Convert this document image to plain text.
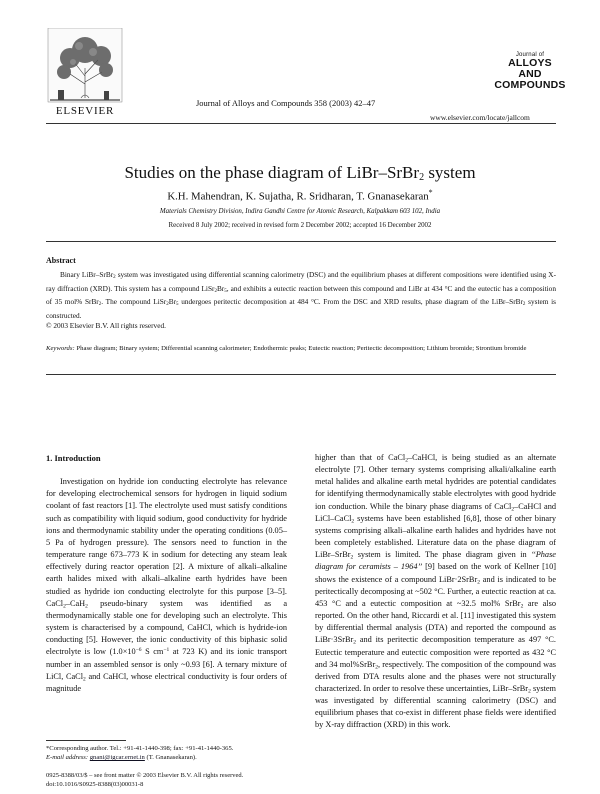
ELSEVIER
Journal of Alloys and Compounds 358 (2003) 42–47
Journal of
ALLOYS
AND COMPOUNDS
www.elsevier.com/locate/jallcom
Studies on the phase diagram of LiBr–SrBr$_2$ system
K.H. Mahendran, K. Sujatha, R. Sridharan, T. Gnanasekaran*
Materials Chemistry Division, Indira Gandhi Centre for Atomic Research, Kalpakkam 603 102, India
Received 8 July 2002; received in revised form 2 December 2002; accepted 16 December 2002
Abstract
Binary LiBr–SrBr$_2$ system was investigated using differential scanning calorimetry (DSC) and the equilibrium phases at different compositions were identified using X-ray diffraction (XRD). This system has a compound $LiSr_2Br_5$, and exhibits a eutectic reaction between this compound and LiBr at 434 °C and the eutectic has a composition of 35 mol% SrBr$_2$. The compound $LiSr_2Br_5$ undergoes peritectic decomposition at 484 °C. From the DSC and XRD results, phase diagram of the LiBr–SrBr$_2$ system is constructed.
© 2003 Elsevier B.V. All rights reserved.
Keywords: Phase diagram; Binary system; Differential scanning calorimeter; Endothermic peaks; Eutectic reaction; Peritectic decomposition; Lithium bromide; Strontium bromide
1. Introduction
Investigation on hydride ion conducting electrolyte has relevance for developing electrochemical sensors for hydrogen in liquid sodium coolant of fast reactors [1]. The electrolyte used must satisfy conditions such as compatibility with liquid sodium, good conductivity for hydride ions and thermodynamic stability under the operating conditions (0.05–5 Pa of hydrogen pressure). The sensors need to function in the temperature range 673–773 K in sodium for detecting any steam leak effectively during reactor operation [2]. A mixture of alkali–alkaline earth halides mixed with alkali–alkaline earth hydrides have been studied as hydride ion conducting electrolyte for this purpose [3–5]. CaCl$_2$–CaH$_2$ pseudo-binary system was identified as a thermodynamically stable one for developing such an electrolyte. This system is characterised by a compound, CaHCl, which is hydride-ion conducting [5]. However, the ionic conductivity of this biphasic solid electrolyte is low ($1.0\times 10^{-6}$ S $cm^{-1}$ at 723 K) and its ionic transport number in an assembled sensor is only ~0.93 [6]. A ternary mixture of LiCl, CaCl$_2$ and CaHCl, whose electrical conductivity is four orders of magnitude
higher than that of CaCl$_2$–CaHCl, is being studied as an alternate electrolyte [7]. Other ternary systems comprising alkali/alkaline earth metal halides and alkaline earth metal hydrides are potential candidates for identifying thermodynamically stable electrolytes with good hydride ion conduction. While the binary phase diagrams of CaCl$_2$–CaHCl and LiCl–CaCl$_2$ systems have been established [6,8], those of other binary systems comprising alkali–alkaline earth halides and hydrides have not been completely established. Literature data on the phase diagram of LiBr–SrBr$_2$ system is limited. The phase diagram given in ‘‘Phase diagram for ceramists – 1964’’ [9] based on the work of Kellner [10] shows the existence of a compound LiBr·2SrBr$_2$ and is indicated to be peritectically decomposing at ~502 °C. Further, a eutectic reaction at ca. 453 °C and a eutectic composition at ~32.5 mol% SrBr$_2$ are also reported. On the other hand, Riccardi et al. [11] investigated this system by differential thermal analysis (DTA) and reported the compound as LiBr·3SrBr$_2$ and its peritectic decomposition temperature as 497 °C. Eutectic temperature and eutectic composition were reported as 432 °C and 34 mol%SrBr$_2$, respectively. The composition of the compound was derived from DTA results alone and the phases were not structurally characterized. In order to resolve these uncertainties, LiBr–SrBr$_2$ system was investigated by differential scanning calorimetry (DSC) and equilibrium phases that co-exist in different phase fields were identified by X-ray diffraction (XRD) in this work.
*Corresponding author. Tel.: +91-41-1440-398; fax: +91-41-1440-365.
E-mail address: gnani@igcar.ernet.in (T. Gnanasekaran).
0925-8388/03/$ – see front matter © 2003 Elsevier B.V. All rights reserved.
doi:10.1016/S0925-8388(03)00031-8
